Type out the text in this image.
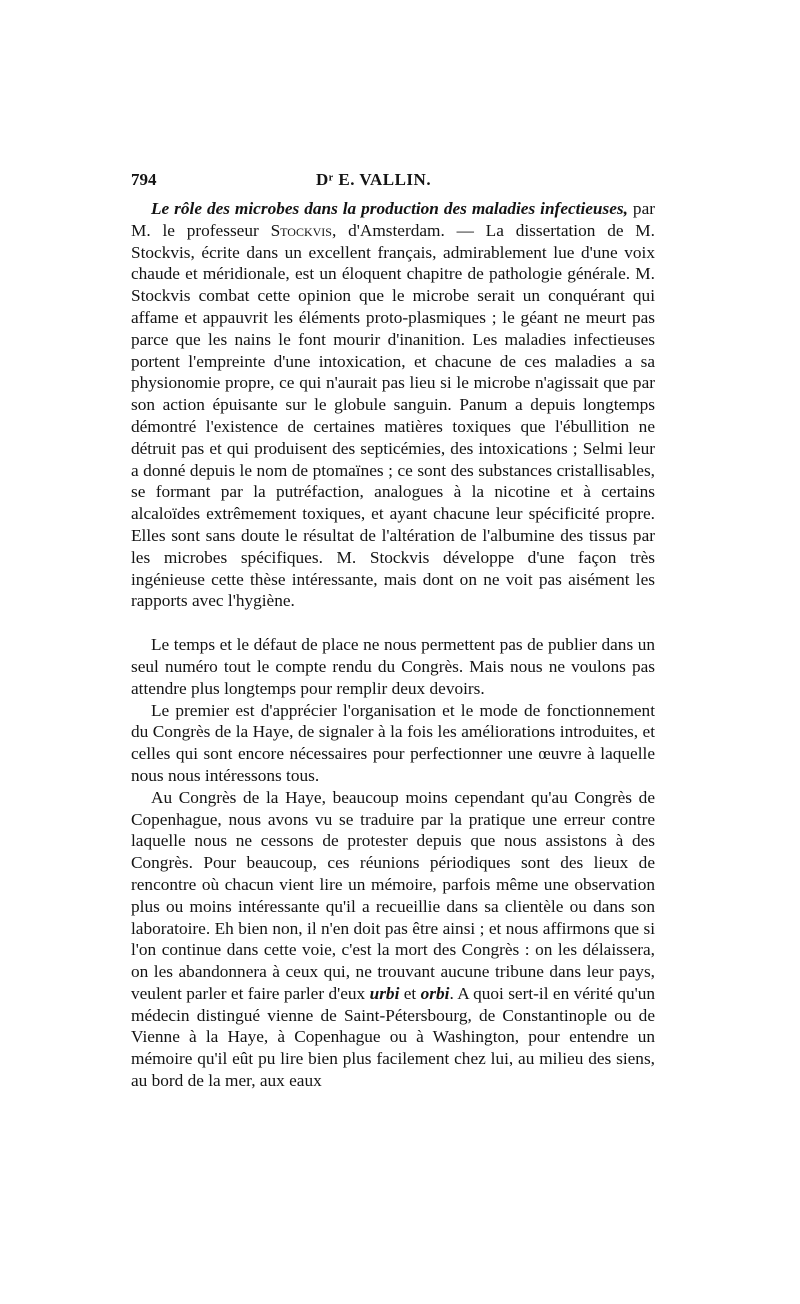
794	Dʳ E. VALLIN.

Le rôle des microbes dans la production des maladies infectieuses, par M. le professeur Stockvis, d'Amsterdam. — La dissertation de M. Stockvis, écrite dans un excellent français, admirablement lue d'une voix chaude et méridionale, est un éloquent chapitre de pathologie générale. M. Stockvis combat cette opinion que le microbe serait un conquérant qui affame et appauvrit les éléments proto-plasmiques ; le géant ne meurt pas parce que les nains le font mourir d'inanition. Les maladies infectieuses portent l'empreinte d'une intoxication, et chacune de ces maladies a sa physionomie propre, ce qui n'aurait pas lieu si le microbe n'agissait que par son action épuisante sur le globule sanguin. Panum a depuis longtemps démontré l'existence de certaines matières toxiques que l'ébullition ne détruit pas et qui produisent des septicémies, des intoxications ; Selmi leur a donné depuis le nom de ptomaïnes ; ce sont des substances cristallisables, se formant par la putréfaction, analogues à la nicotine et à certains alcaloïdes extrêmement toxiques, et ayant chacune leur spécificité propre. Elles sont sans doute le résultat de l'altération de l'albumine des tissus par les microbes spécifiques. M. Stockvis développe d'une façon très ingénieuse cette thèse intéressante, mais dont on ne voit pas aisément les rapports avec l'hygiène.

Le temps et le défaut de place ne nous permettent pas de publier dans un seul numéro tout le compte rendu du Congrès. Mais nous ne voulons pas attendre plus longtemps pour remplir deux devoirs.

Le premier est d'apprécier l'organisation et le mode de fonctionnement du Congrès de la Haye, de signaler à la fois les améliorations introduites, et celles qui sont encore nécessaires pour perfectionner une œuvre à laquelle nous nous intéressons tous.

Au Congrès de la Haye, beaucoup moins cependant qu'au Congrès de Copenhague, nous avons vu se traduire par la pratique une erreur contre laquelle nous ne cessons de protester depuis que nous assistons à des Congrès. Pour beaucoup, ces réunions périodiques sont des lieux de rencontre où chacun vient lire un mémoire, parfois même une observation plus ou moins intéressante qu'il a recueillie dans sa clientèle ou dans son laboratoire. Eh bien non, il n'en doit pas être ainsi ; et nous affirmons que si l'on continue dans cette voie, c'est la mort des Congrès : on les délaissera, on les abandonnera à ceux qui, ne trouvant aucune tribune dans leur pays, veulent parler et faire parler d'eux urbi et orbi. A quoi sert-il en vérité qu'un médecin distingué vienne de Saint-Pétersbourg, de Constantinople ou de Vienne à la Haye, à Copenhague ou à Washington, pour entendre un mémoire qu'il eût pu lire bien plus facilement chez lui, au milieu des siens, au bord de la mer, aux eaux
